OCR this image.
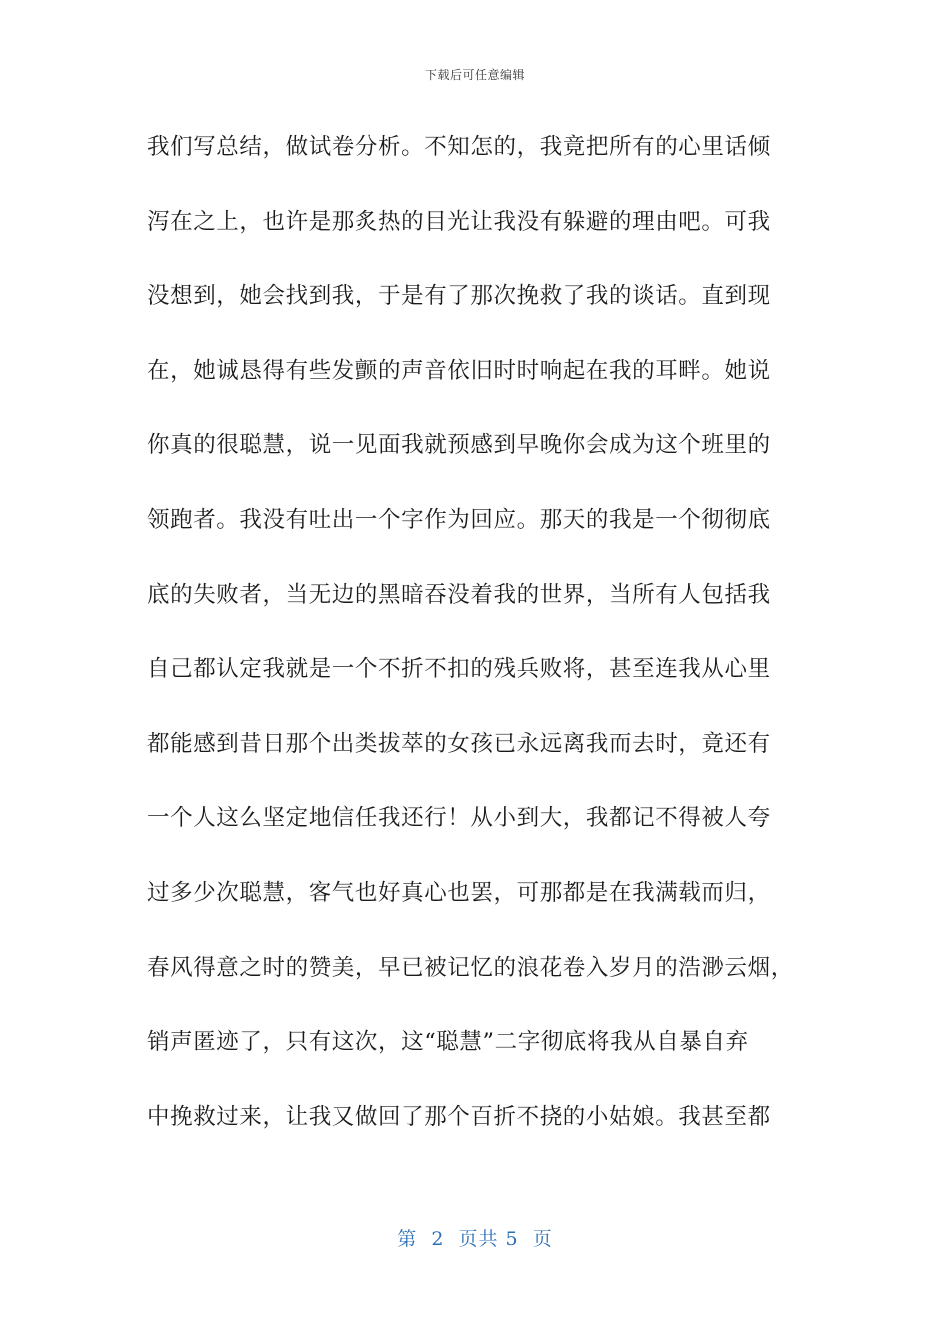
下载后可任意编辑
我们写总结，做试卷分析。不知怎的，我竟把所有的心里话倾
泻在之上，也许是那炙热的目光让我没有躲避的理由吧。可我
没想到，她会找到我，于是有了那次挽救了我的谈话。直到现
在，她诚恳得有些发颤的声音依旧时时响起在我的耳畔。她说
你真的很聪慧，说一见面我就预感到早晚你会成为这个班里的
领跑者。我没有吐出一个字作为回应。那天的我是一个彻彻底
底的失败者，当无边的黑暗吞没着我的世界，当所有人包括我
自己都认定我就是一个不折不扣的残兵败将，甚至连我从心里
都能感到昔日那个出类拔萃的女孩已永远离我而去时，竟还有
一个人这么坚定地信任我还行！从小到大，我都记不得被人夸
过多少次聪慧，客气也好真心也罢，可那都是在我满载而归，
春风得意之时的赞美，早已被记忆的浪花卷入岁月的浩渺云烟，
销声匿迹了，只有这次，这“聪慧”二字彻底将我从自暴自弃
中挽救过来，让我又做回了那个百折不挠的小姑娘。我甚至都
第  2  页共 5  页
